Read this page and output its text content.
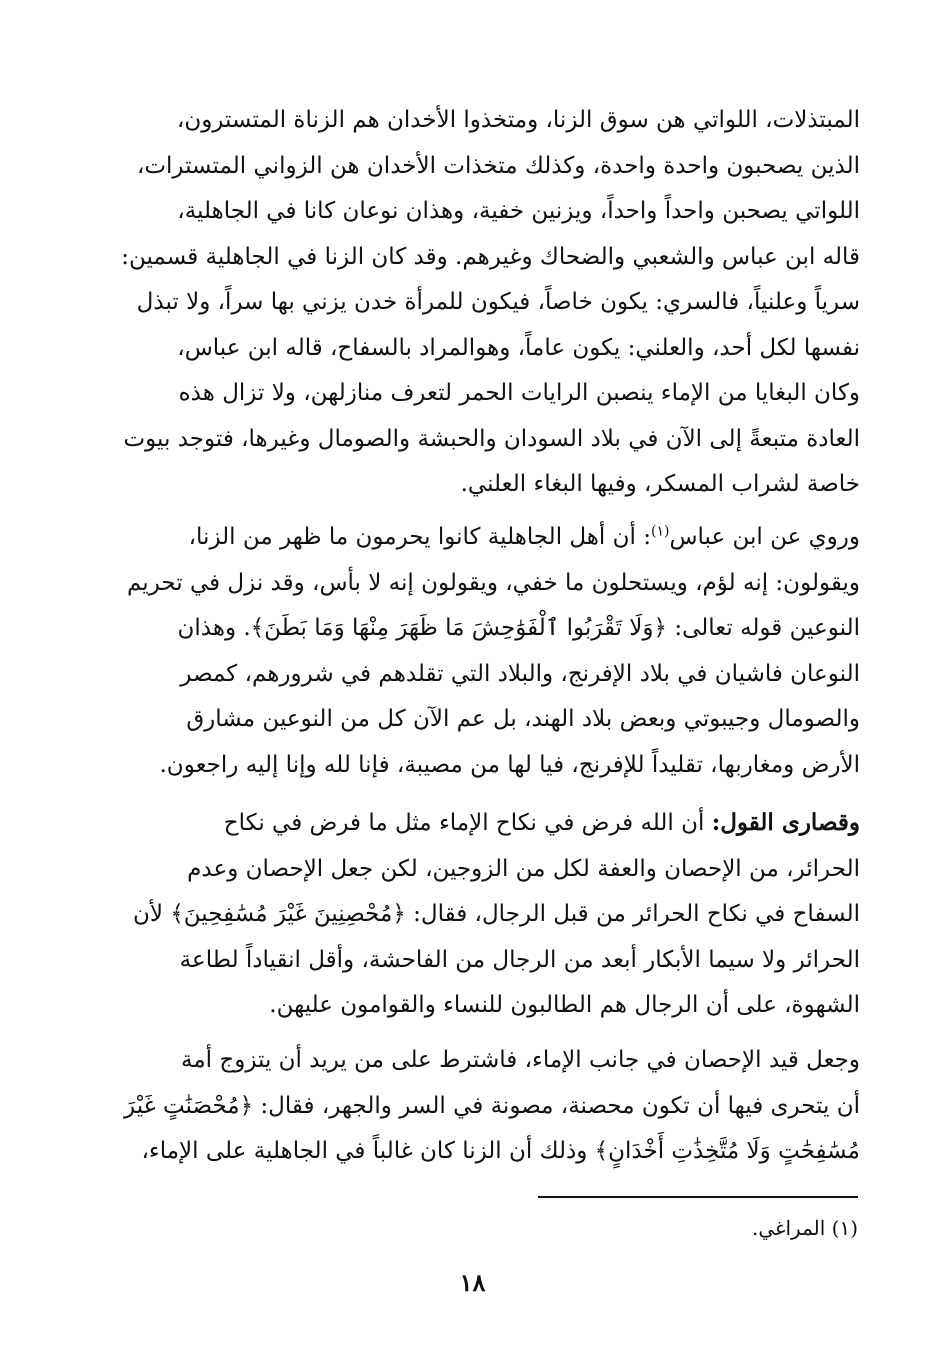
المبتذلات، اللواتي هن سوق الزنا، ومتخذوا الأخدان هم الزناة المتسترون،
الذين يصحبون واحدة واحدة، وكذلك متخذات الأخدان هن الزواني المتسترات،
اللواتي يصحبن واحداً واحداً، ويزنين خفية، وهذان نوعان كانا في الجاهلية،
قاله ابن عباس والشعبي والضحاك وغيرهم. وقد كان الزنا في الجاهلية قسمين:
سرياً وعلنياً، فالسري: يكون خاصاً، فيكون للمرأة خدن يزني بها سراً، ولا تبذل
نفسها لكل أحد، والعلني: يكون عاماً، وهوالمراد بالسفاح، قاله ابن عباس،
وكان البغايا من الإماء ينصبن الرايات الحمر لتعرف منازلهن، ولا تزال هذه
العادة متبعةً إلى الآن في بلاد السودان والحبشة والصومال وغيرها، فتوجد بيوت
خاصة لشراب المسكر، وفيها البغاء العلني.

وروي عن ابن عباس$^{(١)}$: أن أهل الجاهلية كانوا يحرمون ما ظهر من الزنا،
ويقولون: إنه لؤم، ويستحلون ما خفي، ويقولون إنه لا بأس، وقد نزل في تحريم
النوعين قوله تعالى: ﴿وَلَا تَقْرَبُوا ٱلْفَوَٰحِشَ مَا ظَهَرَ مِنْهَا وَمَا بَطَنَ﴾. وهذان
النوعان فاشيان في بلاد الإفرنج، والبلاد التي تقلدهم في شرورهم، كمصر
والصومال وجيبوتي وبعض بلاد الهند، بل عم الآن كل من النوعين مشارق
الأرض ومغاربها، تقليداً للإفرنج، فيا لها من مصيبة، فإنا لله وإنا إليه راجعون.

وقصارى القول: أن الله فرض في نكاح الإماء مثل ما فرض في نكاح
الحرائر، من الإحصان والعفة لكل من الزوجين، لكن جعل الإحصان وعدم
السفاح في نكاح الحرائر من قبل الرجال، فقال: ﴿مُحْصِنِينَ غَيْرَ مُسَٰفِحِينَ﴾ لأن
الحرائر ولا سيما الأبكار أبعد من الرجال من الفاحشة، وأقل انقياداً لطاعة
الشهوة، على أن الرجال هم الطالبون للنساء والقوامون عليهن.

وجعل قيد الإحصان في جانب الإماء، فاشترط على من يريد أن يتزوج أمة
أن يتحرى فيها أن تكون محصنة، مصونة في السر والجهر، فقال: ﴿مُحْصَنَٰتٍ غَيْرَ
مُسَٰفِحَٰتٍ وَلَا مُتَّخِذَٰتِ أَخْدَانٍ﴾ وذلك أن الزنا كان غالباً في الجاهلية على الإماء،

(١) المراغي.
١٨
